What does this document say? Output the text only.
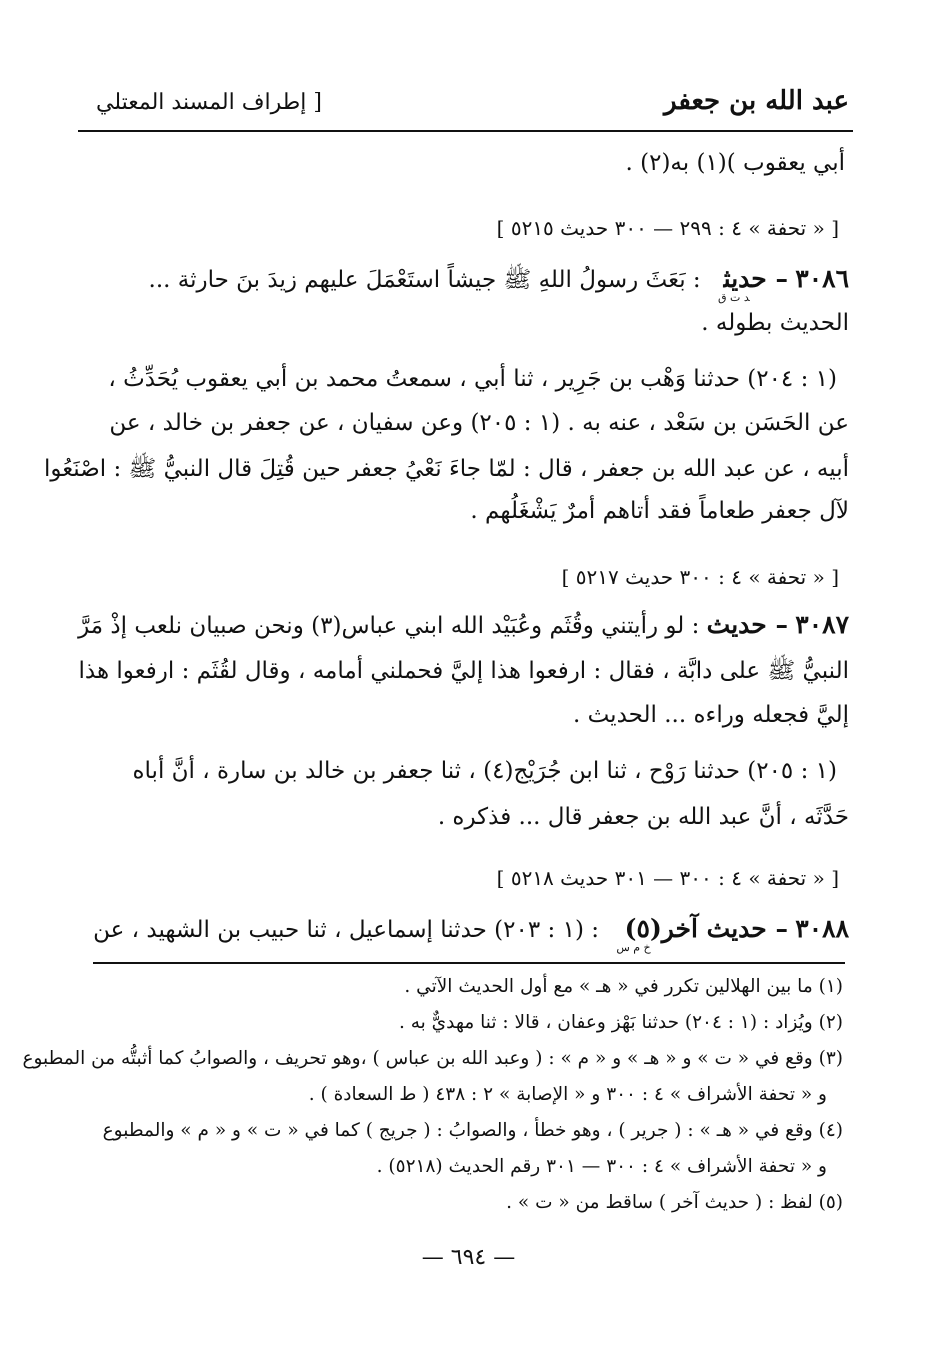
عبد الله بن جعفر
[ إطراف المسند المعتلي
أبي يعقوب )(١) به(٢) .
[ « تحفة » ٤ : ٢٩٩ — ٣٠٠ حديث ٥٢١٥ ]
٣٠٨٦ – حديث$_{د ت ق}$ : بَعَثَ رسولُ اللهِ ﷺ جيشاً استَعْمَلَ عليهم زيدَ بنَ حارثة ...
الحديث بطوله .
(١ : ٢٠٤) حدثنا وَهْب بن جَرِير ، ثنا أبي ، سمعتُ محمد بن أبي يعقوب يُحَدِّثُ ،
عن الحَسَن بن سَعْد ، عنه به . (١ : ٢٠٥) وعن سفيان ، عن جعفر بن خالد ، عن
أبيه ، عن عبد الله بن جعفر ، قال : لمّا جاءَ نَعْيُ جعفر حين قُتِلَ قال النبيُّ ﷺ : اصْنَعُوا
لآل جعفر طعاماً فقد أتاهم أمرٌ يَشْغَلُهم .
[ « تحفة » ٤ : ٣٠٠ حديث ٥٢١٧ ]
٣٠٨٧ – حديث : لو رأيتني وقُثَم وعُبَيْد الله ابني عباس(٣) ونحن صبيان نلعب إذْ مَرَّ
النبيُّ ﷺ على دابَّة ، فقال : ارفعوا هذا إليَّ فحملني أمامه ، وقال لقُثَم : ارفعوا هذا
إليَّ فجعله وراءه ... الحديث .
(١ : ٢٠٥) حدثنا رَوْح ، ثنا ابن جُرَيْج(٤) ، ثنا جعفر بن خالد بن سارة ، أنَّ أباه
حَدَّثَه ، أنَّ عبد الله بن جعفر قال ... فذكره .
[ « تحفة » ٤ : ٣٠٠ — ٣٠١ حديث ٥٢١٨ ]
٣٠٨٨ – حديث $آخر(٥)_{خ م س}$ : (١ : ٢٠٣) حدثنا إسماعيل ، ثنا حبيب بن الشهيد ، عن
(١) ما بين الهلالين تكرر في « هـ » مع أول الحديث الآتي .
(٢) ويُزاد : (١ : ٢٠٤) حدثنا بَهْز وعفان ، قالا : ثنا مهديٌّ به .
(٣) وقع في « ت » و « هـ » و « م » : ( وعبد الله بن عباس ) ،وهو تحريف ، والصوابُ كما أثبتُّه من المطبوع
و « تحفة الأشراف » ٤ : ٣٠٠ و « الإصابة » ٢ : ٤٣٨ ( ط السعادة ) .
(٤) وقع في « هـ » : ( جرير ) ، وهو خطأ ، والصوابُ : ( جريج ) كما في « ت » و « م » والمطبوع
و « تحفة الأشراف » ٤ : ٣٠٠ — ٣٠١ رقم الحديث (٥٢١٨) .
(٥) لفظ : ( حديث آخر ) ساقط من « ت » .
— ٦٩٤ —
